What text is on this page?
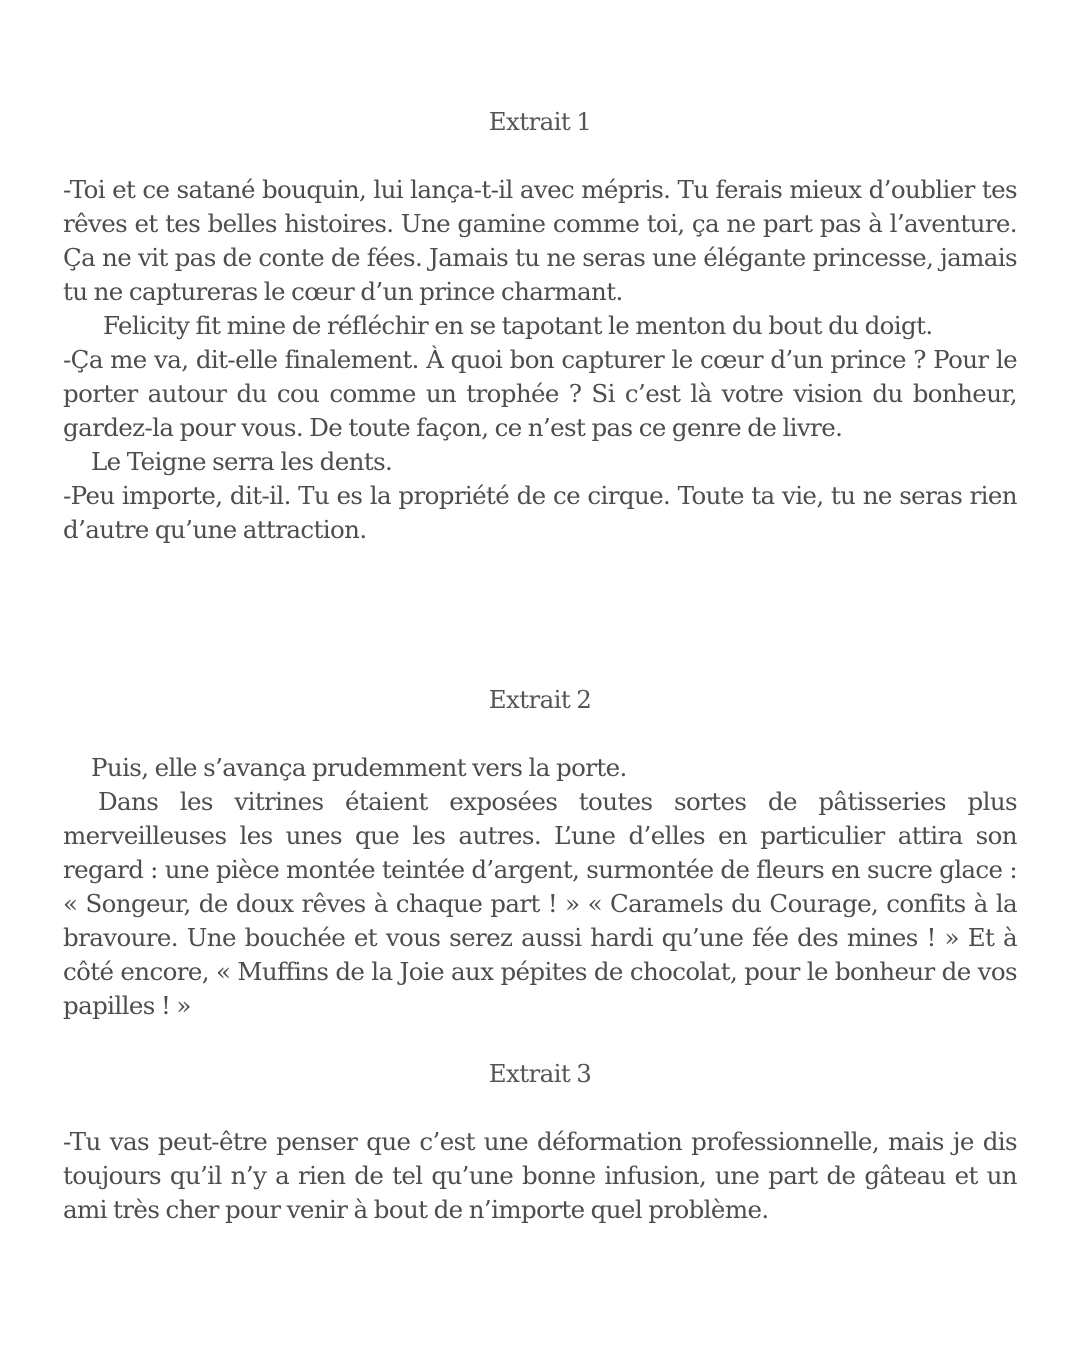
Extrait 1

-Toi et ce satané bouquin, lui lança-t-il avec mépris. Tu ferais mieux d’oublier tes rêves et tes belles histoires. Une gamine comme toi, ça ne part pas à l’aventure. Ça ne vit pas de conte de fées. Jamais tu ne seras une élégante princesse, jamais tu ne captureras le cœur d’un prince charmant.

Felicity fit mine de réfléchir en se tapotant le menton du bout du doigt.

-Ça me va, dit-elle finalement. À quoi bon capturer le cœur d’un prince ? Pour le porter autour du cou comme un trophée ? Si c’est là votre vision du bonheur, gardez-la pour vous. De toute façon, ce n’est pas ce genre de livre.

Le Teigne serra les dents.

-Peu importe, dit-il. Tu es la propriété de ce cirque. Toute ta vie, tu ne seras rien d’autre qu’une attraction.

Extrait 2

Puis, elle s’avança prudemment vers la porte.

Dans les vitrines étaient exposées toutes sortes de pâtisseries plus merveilleuses les unes que les autres. L’une d’elles en particulier attira son regard : une pièce montée teintée d’argent, surmontée de fleurs en sucre glace : « Songeur, de doux rêves à chaque part ! » « Caramels du Courage, confits à la bravoure. Une bouchée et vous serez aussi hardi qu’une fée des mines ! » Et à côté encore, « Muffins de la Joie aux pépites de chocolat, pour le bonheur de vos papilles ! »

Extrait 3

-Tu vas peut-être penser que c’est une déformation professionnelle, mais je dis toujours qu’il n’y a rien de tel qu’une bonne infusion, une part de gâteau et un ami très cher pour venir à bout de n’importe quel problème.
